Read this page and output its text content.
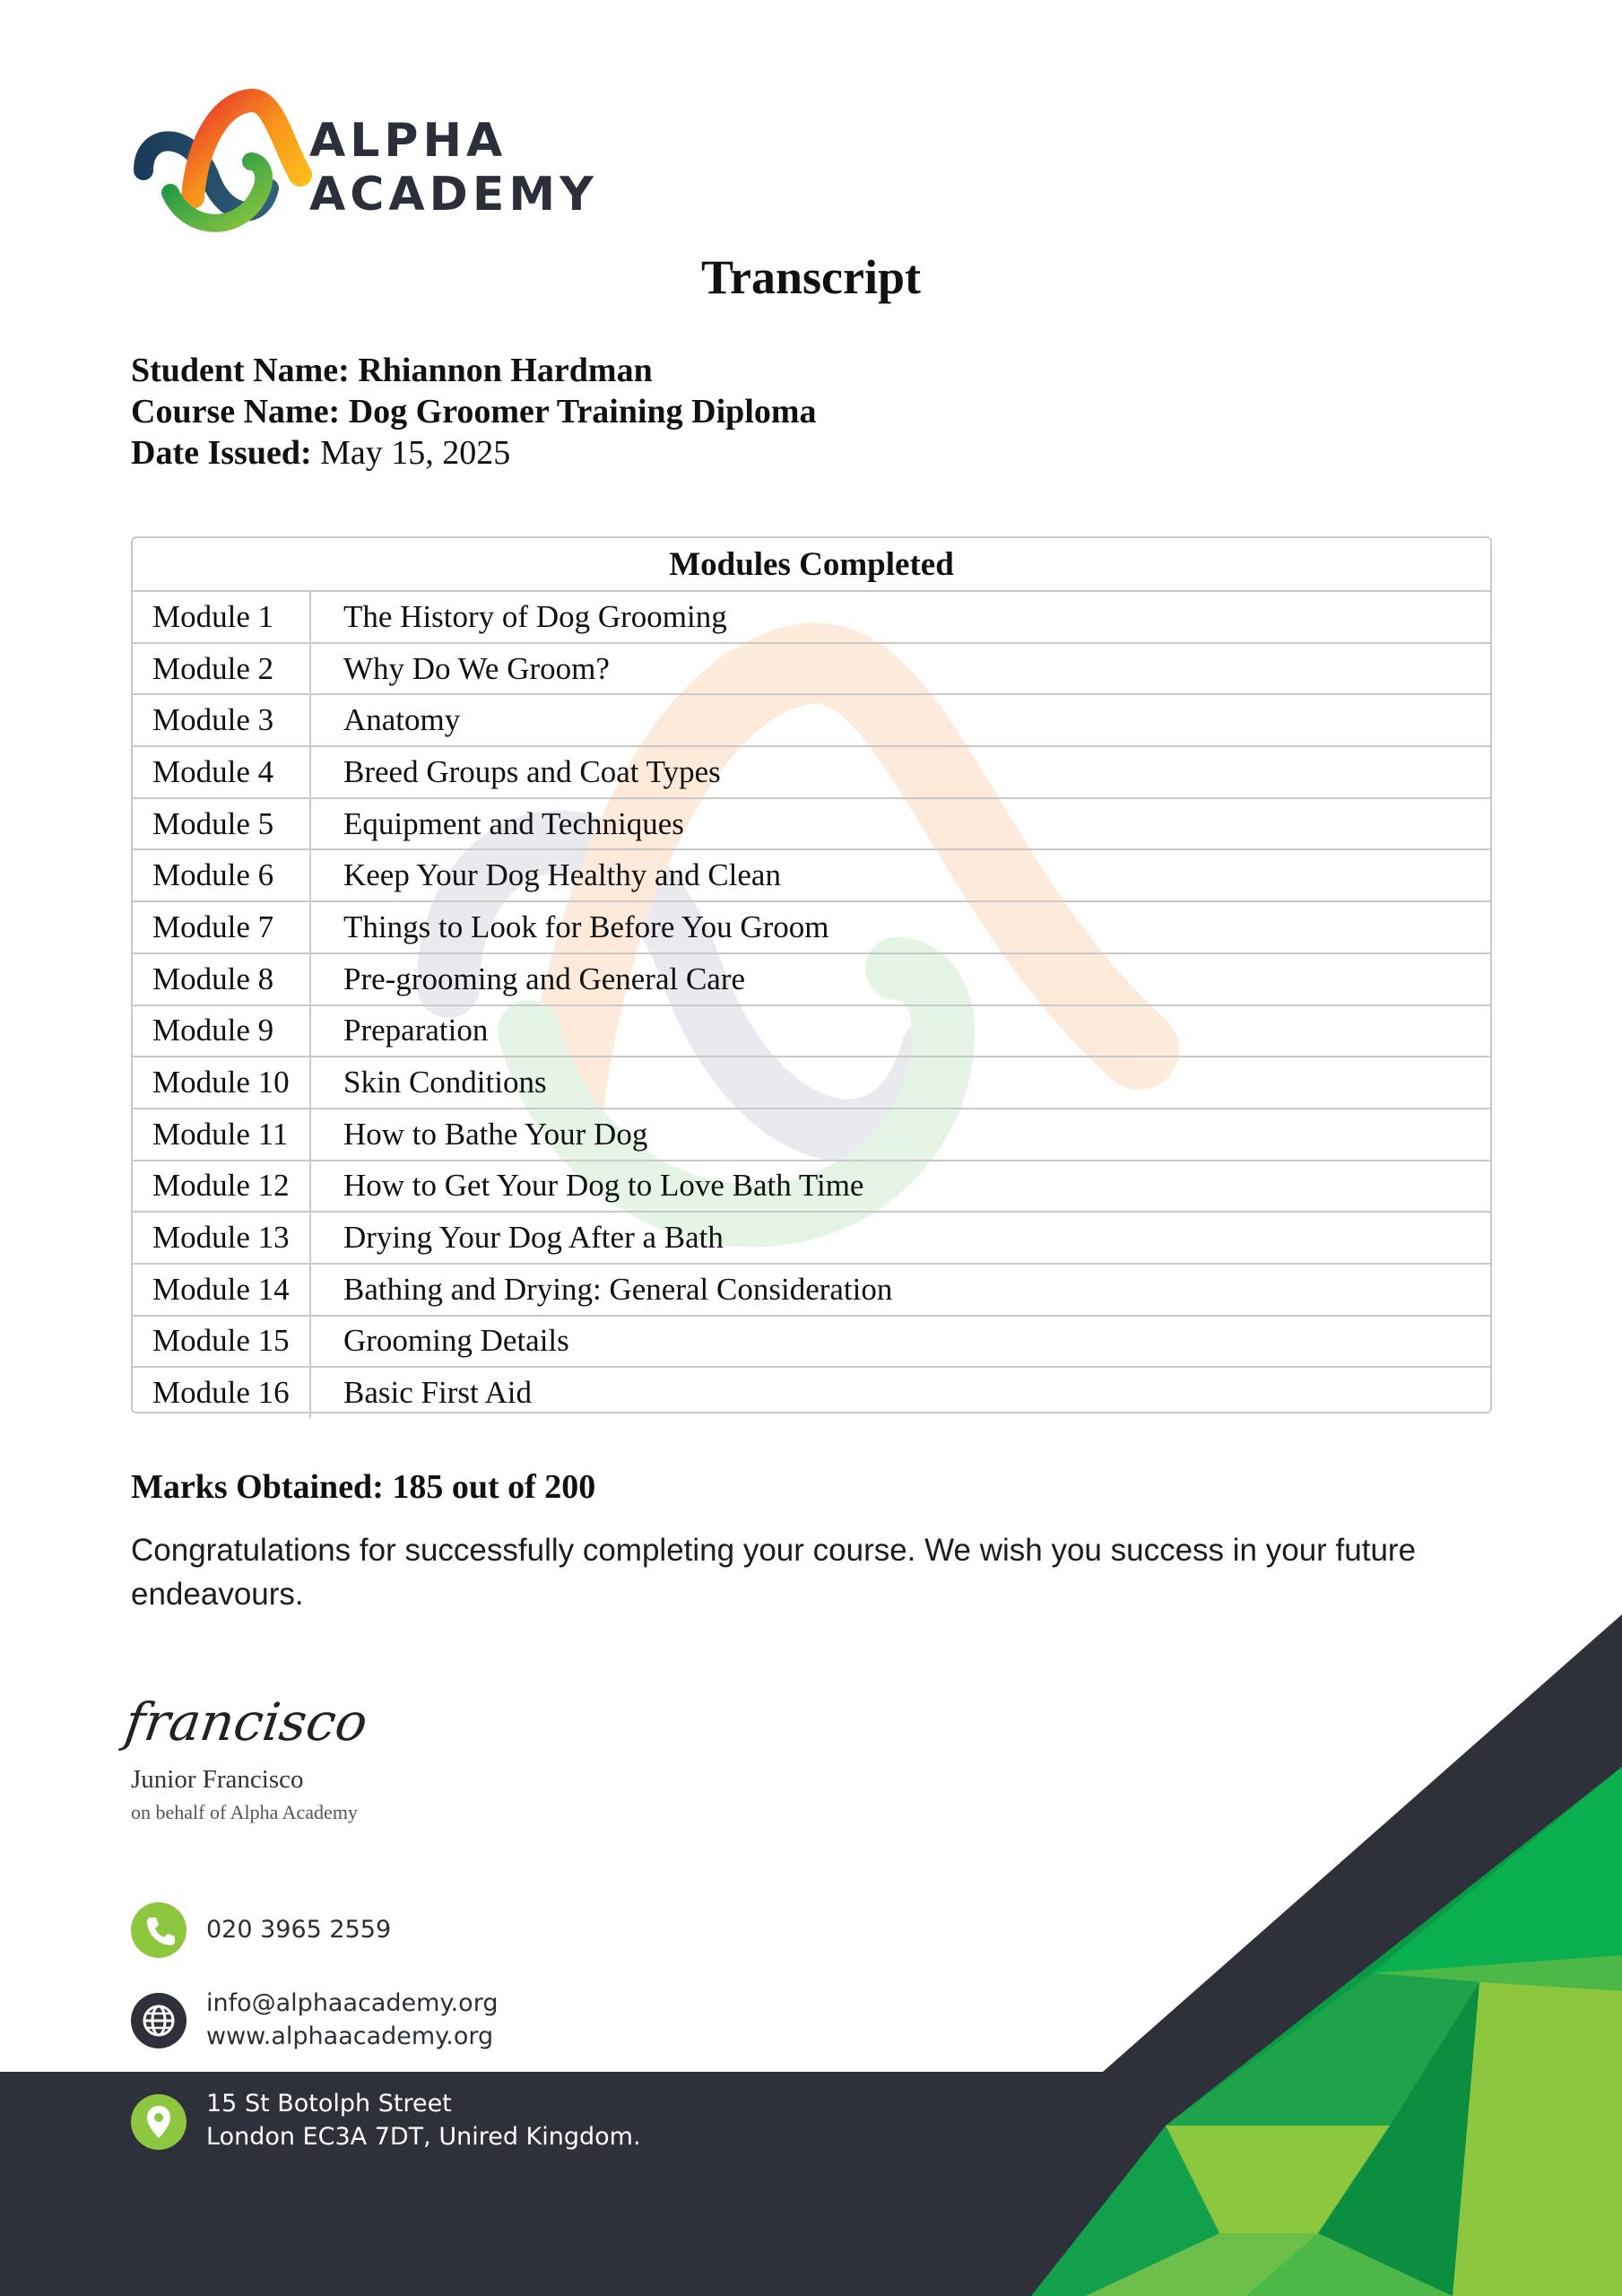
ALPHA
ACADEMY
Transcript
Student Name: Rhiannon Hardman
Course Name: Dog Groomer Training Diploma
Date Issued: May 15, 2025
Modules Completed	
Module 1	The History of Dog Grooming
Module 2	Why Do We Groom?
Module 3	Anatomy
Module 4	Breed Groups and Coat Types
Module 5	Equipment and Techniques
Module 6	Keep Your Dog Healthy and Clean
Module 7	Things to Look for Before You Groom
Module 8	Pre-grooming and General Care
Module 9	Preparation
Module 10	Skin Conditions
Module 11	How to Bathe Your Dog
Module 12	How to Get Your Dog to Love Bath Time
Module 13	Drying Your Dog After a Bath
Module 14	Bathing and Drying: General Consideration
Module 15	Grooming Details
Module 16	Basic First Aid
Marks Obtained: 185 out of 200
Congratulations for successfully completing your course. We wish you success in your future endeavours.
francisco
Junior Francisco
on behalf of Alpha Academy
020 3965 2559
info@alphaacademy.org
www.alphaacademy.org
15 St Botolph Street
London EC3A 7DT, Unired Kingdom.
